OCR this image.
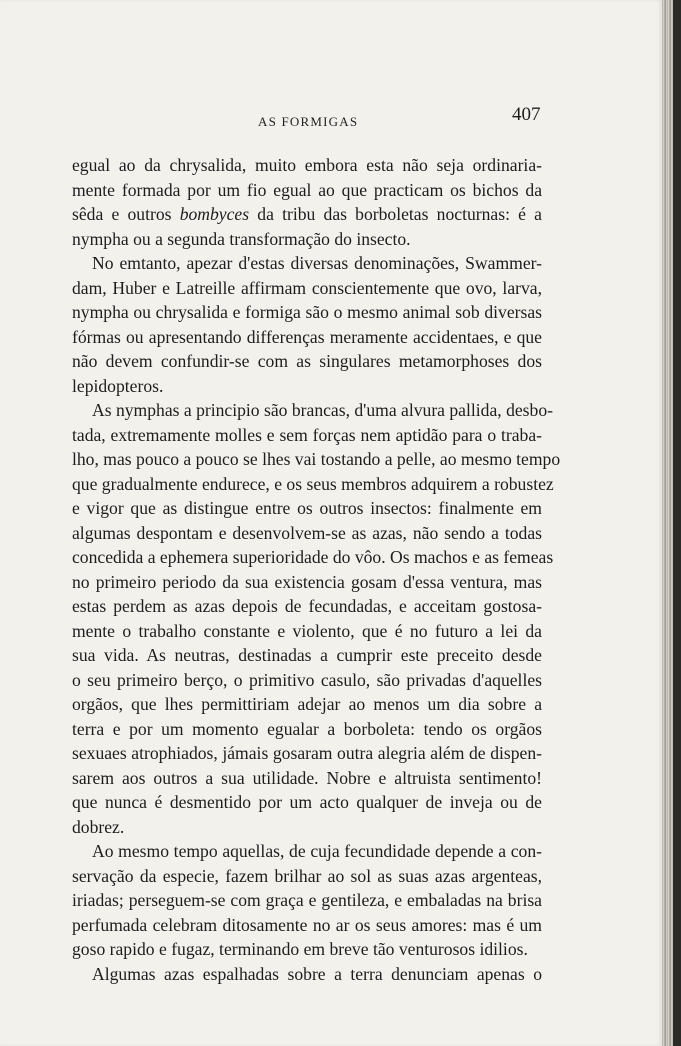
AS FORMIGAS	407
egual ao da chrysalida, muito embora esta não seja ordinaria-
mente formada por um fio egual ao que practicam os bichos da
sêda e outros bombyces da tribu das borboletas nocturnas: é a
nympha ou a segunda transformação do insecto.
No emtanto, apezar d'estas diversas denominações, Swammer-
dam, Huber e Latreille affirmam conscientemente que ovo, larva,
nympha ou chrysalida e formiga são o mesmo animal sob diversas
fórmas ou apresentando differenças meramente accidentaes, e que
não devem confundir-se com as singulares metamorphoses dos
lepidopteros.
As nymphas a principio são brancas, d'uma alvura pallida, desbo-
tada, extremamente molles e sem forças nem aptidão para o traba-
lho, mas pouco a pouco se lhes vai tostando a pelle, ao mesmo tempo
que gradualmente endurece, e os seus membros adquirem a robustez
e vigor que as distingue entre os outros insectos: finalmente em
algumas despontam e desenvolvem-se as azas, não sendo a todas
concedida a ephemera superioridade do vôo. Os machos e as femeas
no primeiro periodo da sua existencia gosam d'essa ventura, mas
estas perdem as azas depois de fecundadas, e acceitam gostosa-
mente o trabalho constante e violento, que é no futuro a lei da
sua vida. As neutras, destinadas a cumprir este preceito desde
o seu primeiro berço, o primitivo casulo, são privadas d'aquelles
orgãos, que lhes permittiriam adejar ao menos um dia sobre a
terra e por um momento egualar a borboleta: tendo os orgãos
sexuaes atrophiados, jámais gosaram outra alegria além de dispen-
sarem aos outros a sua utilidade. Nobre e altruista sentimento!
que nunca é desmentido por um acto qualquer de inveja ou de
dobrez.
Ao mesmo tempo aquellas, de cuja fecundidade depende a con-
servação da especie, fazem brilhar ao sol as suas azas argenteas,
iriadas; perseguem-se com graça e gentileza, e embaladas na brisa
perfumada celebram ditosamente no ar os seus amores: mas é um
goso rapido e fugaz, terminando em breve tão venturosos idilios.
Algumas azas espalhadas sobre a terra denunciam apenas o
